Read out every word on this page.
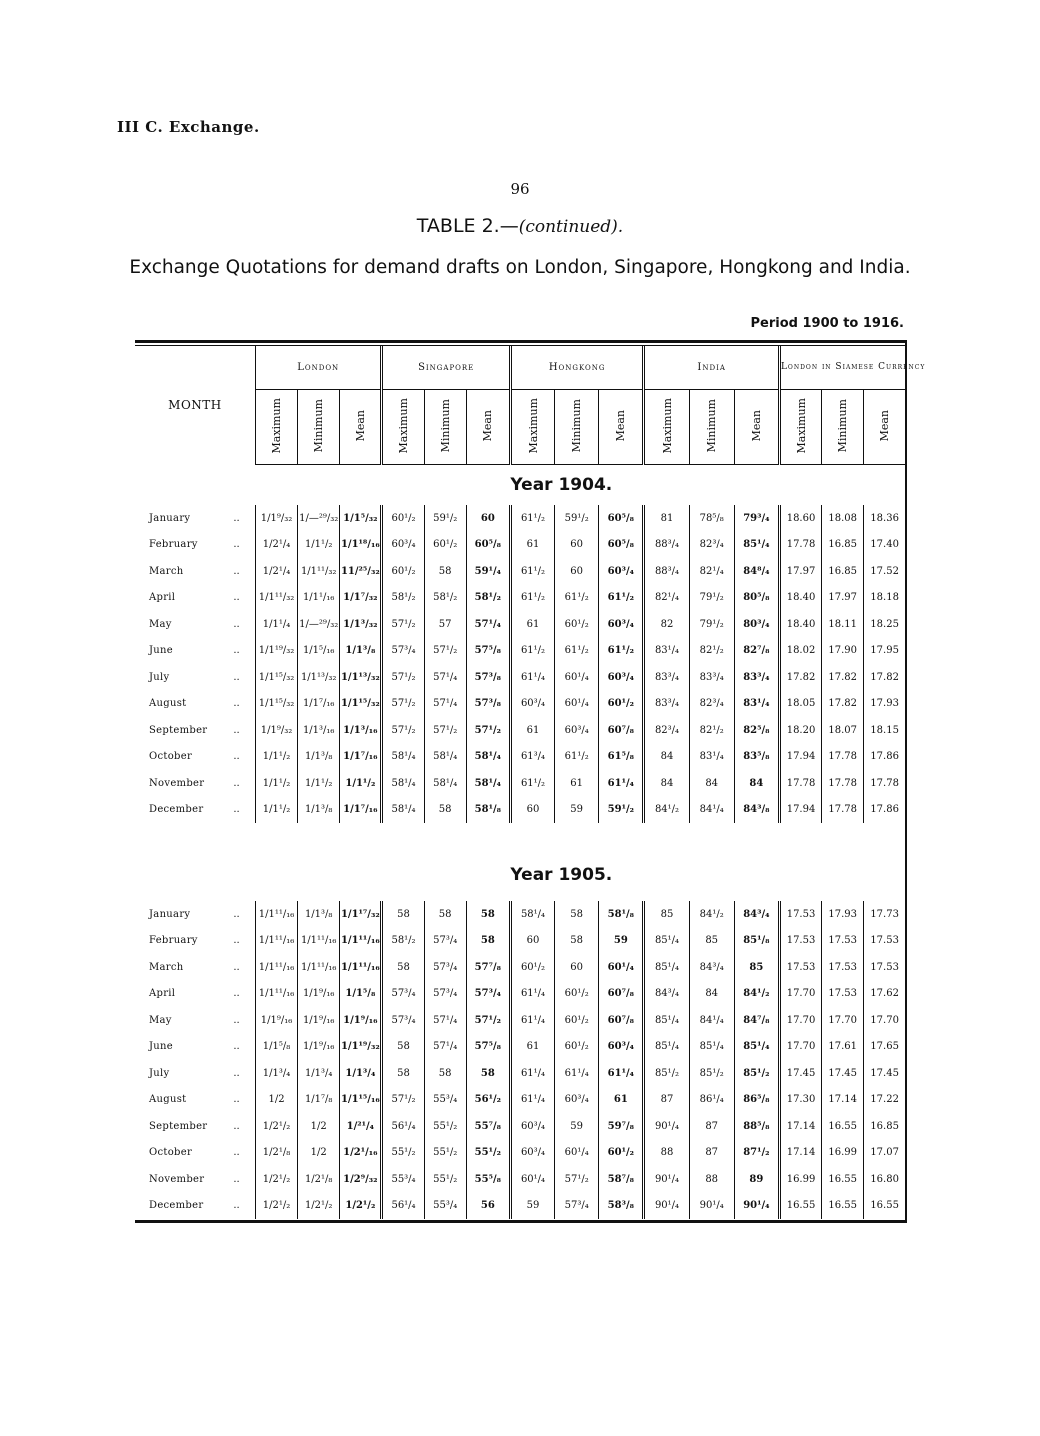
III C. Exchange.
96
TABLE 2.—(continued).
Exchange Quotations for demand drafts on London, Singapore, Hongkong and India.
Period 1900 to 1916.
MONTH		London			Singapore			Hongkong			India			London in Siamese Currency		
		Maximum	Minimum	Mean	Maximum	Minimum	Mean	Maximum	Minimum	Mean	Maximum	Minimum	Mean	Maximum	Minimum	Mean
								Year 1904.								
January	..	1/1⁹/₃₂	1/—²⁹/₃₂	1/1⁵/₃₂	60¹/₂	59¹/₂	60	61¹/₂	59¹/₂	60⁵/₈	81	78⁵/₈	79³/₄	18.60	18.08	18.36
February	..	1/2¹/₄	1/1¹/₂	1/1¹⁸/₁₆	60³/₄	60¹/₂	60⁵/₈	61	60	60⁵/₈	88³/₄	82³/₄	85¹/₄	17.78	16.85	17.40
March	..	1/2¹/₄	1/1¹¹/₃₂	11/²⁵/₃₂	60¹/₂	58	59¹/₄	61¹/₂	60	60³/₄	88³/₄	82¹/₄	84⁸/₄	17.97	16.85	17.52
April	..	1/1¹¹/₃₂	1/1¹/₁₆	1/1⁷/₃₂	58¹/₂	58¹/₂	58¹/₂	61¹/₂	61¹/₂	61¹/₂	82¹/₄	79¹/₂	80⁵/₈	18.40	17.97	18.18
May	..	1/1¹/₄	1/—²⁹/₃₂	1/1³/₃₂	57¹/₂	57	57¹/₄	61	60¹/₂	60³/₄	82	79¹/₂	80³/₄	18.40	18.11	18.25
June	..	1/1¹⁹/₃₂	1/1⁵/₁₆	1/1³/₈	57³/₄	57¹/₂	57⁵/₈	61¹/₂	61¹/₂	61¹/₂	83¹/₄	82¹/₂	82⁷/₈	18.02	17.90	17.95
July	..	1/1¹⁵/₃₂	1/1¹³/₃₂	1/1¹³/₃₂	57¹/₂	57¹/₄	57³/₈	61¹/₄	60¹/₄	60³/₄	83³/₄	83³/₄	83³/₄	17.82	17.82	17.82
August	..	1/1¹⁵/₃₂	1/1⁷/₁₆	1/1¹⁵/₃₂	57¹/₂	57¹/₄	57³/₈	60³/₄	60¹/₄	60¹/₂	83³/₄	82³/₄	83¹/₄	18.05	17.82	17.93
September	..	1/1⁹/₃₂	1/1³/₁₆	1/1³/₁₆	57¹/₂	57¹/₂	57¹/₂	61	60³/₄	60⁷/₈	82³/₄	82¹/₂	82⁵/₈	18.20	18.07	18.15
October	..	1/1¹/₂	1/1³/₈	1/1⁷/₁₆	58¹/₄	58¹/₄	58¹/₄	61³/₄	61¹/₂	61⁵/₈	84	83¹/₄	83⁵/₈	17.94	17.78	17.86
November	..	1/1¹/₂	1/1¹/₂	1/1¹/₂	58¹/₄	58¹/₄	58¹/₄	61¹/₂	61	61¹/₄	84	84	84	17.78	17.78	17.78
December	..	1/1¹/₂	1/1³/₈	1/1⁷/₁₆	58¹/₄	58	58¹/₈	60	59	59¹/₂	84¹/₂	84¹/₄	84³/₈	17.94	17.78	17.86
								Year 1905.								
January	..	1/1¹¹/₁₆	1/1³/₈	1/1¹⁷/₃₂	58	58	58	58¹/₄	58	58¹/₈	85	84¹/₂	84³/₄	17.53	17.93	17.73
February	..	1/1¹¹/₁₆	1/1¹¹/₁₆	1/1¹¹/₁₆	58¹/₂	57³/₄	58	60	58	59	85¹/₄	85	85¹/₈	17.53	17.53	17.53
March	..	1/1¹¹/₁₆	1/1¹¹/₁₆	1/1¹¹/₁₆	58	57³/₄	57⁷/₈	60¹/₂	60	60¹/₄	85¹/₄	84³/₄	85	17.53	17.53	17.53
April	..	1/1¹¹/₁₆	1/1⁹/₁₆	1/1⁵/₈	57³/₄	57³/₄	57³/₄	61¹/₄	60¹/₂	60⁷/₈	84³/₄	84	84¹/₂	17.70	17.53	17.62
May	..	1/1⁹/₁₆	1/1⁹/₁₆	1/1⁹/₁₆	57³/₄	57¹/₄	57¹/₂	61¹/₄	60¹/₂	60⁷/₈	85¹/₄	84¹/₄	84⁷/₈	17.70	17.70	17.70
June	..	1/1⁵/₈	1/1⁹/₁₆	1/1¹⁹/₃₂	58	57¹/₄	57⁵/₈	61	60¹/₂	60³/₄	85¹/₄	85¹/₄	85¹/₄	17.70	17.61	17.65
July	..	1/1³/₄	1/1³/₄	1/1³/₄	58	58	58	61¹/₄	61¹/₄	61¹/₄	85¹/₂	85¹/₂	85¹/₂	17.45	17.45	17.45
August	..	1/2	1/1⁷/₈	1/1¹⁵/₁₆	57¹/₂	55³/₄	56¹/₂	61¹/₄	60³/₄	61	87	86¹/₄	86⁵/₈	17.30	17.14	17.22
September	..	1/2¹/₂	1/2	1/²¹/₄	56¹/₄	55¹/₂	55⁷/₈	60³/₄	59	59⁷/₈	90¹/₄	87	88⁵/₈	17.14	16.55	16.85
October	..	1/2¹/₈	1/2	1/2¹/₁₆	55¹/₂	55¹/₂	55¹/₂	60³/₄	60¹/₄	60¹/₂	88	87	87¹/₂	17.14	16.99	17.07
November	..	1/2¹/₂	1/2¹/₈	1/2⁹/₃₂	55³/₄	55¹/₂	55⁵/₈	60¹/₄	57¹/₂	58⁷/₈	90¹/₄	88	89	16.99	16.55	16.80
December	..	1/2¹/₂	1/2¹/₂	1/2¹/₂	56¹/₄	55³/₄	56	59	57³/₄	58³/₈	90¹/₄	90¹/₄	90¹/₄	16.55	16.55	16.55
